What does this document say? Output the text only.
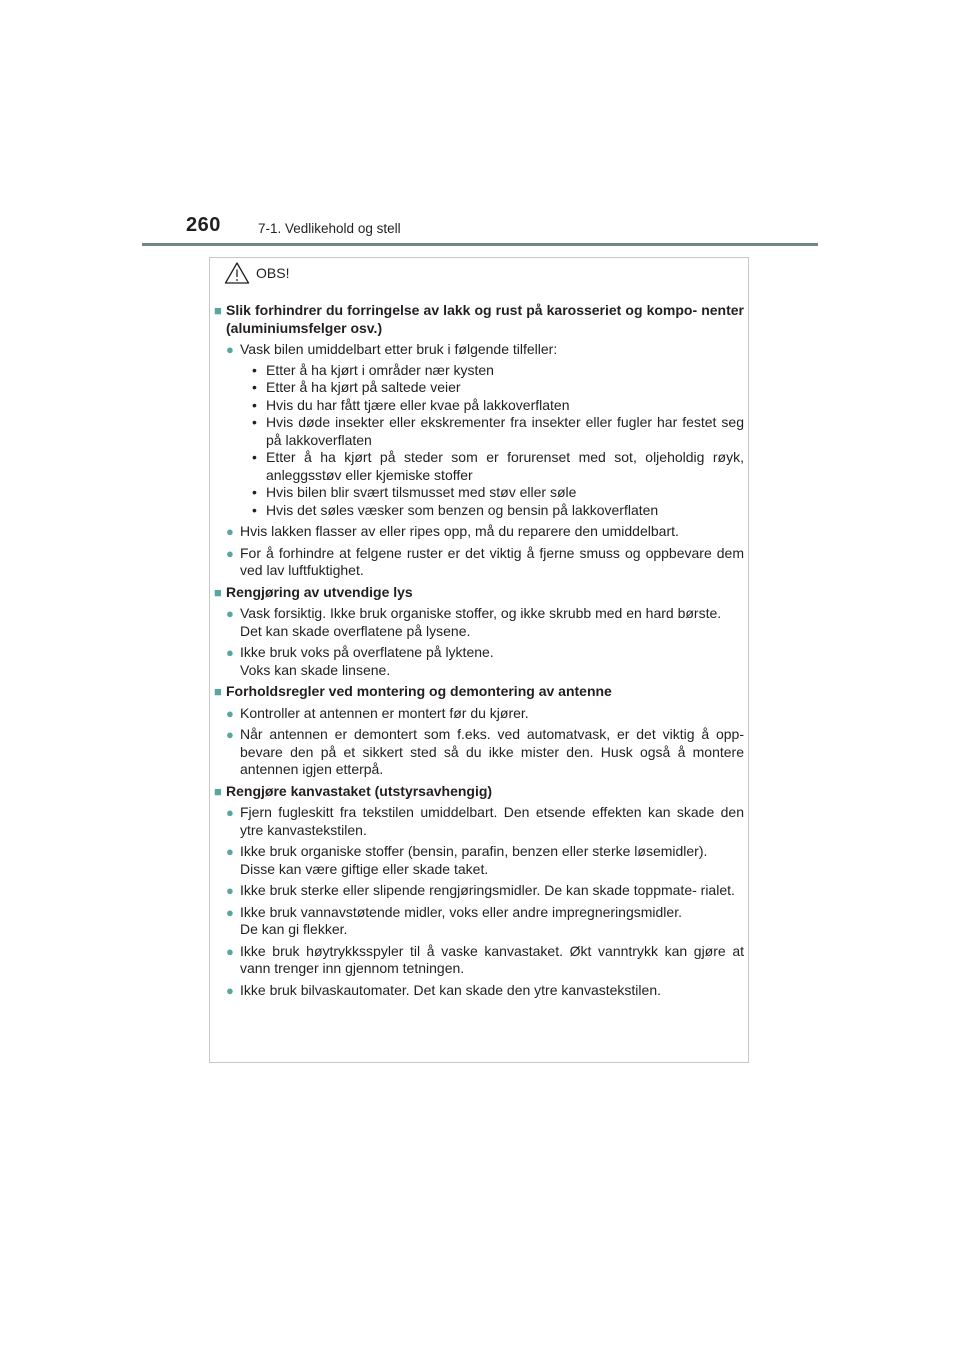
260	7-1. Vedlikehold og stell
OBS!
■ Slik forhindrer du forringelse av lakk og rust på karosseriet og kompo- nenter (aluminiumsfelger osv.)
● Vask bilen umiddelbart etter bruk i følgende tilfeller:
• Etter å ha kjørt i områder nær kysten
• Etter å ha kjørt på saltede veier
• Hvis du har fått tjære eller kvae på lakkoverflaten
• Hvis døde insekter eller ekskrementer fra insekter eller fugler har festet seg på lakkoverflaten
• Etter å ha kjørt på steder som er forurenset med sot, oljeholdig røyk, anleggsstøv eller kjemiske stoffer
• Hvis bilen blir svært tilsmusset med støv eller søle
• Hvis det søles væsker som benzen og bensin på lakkoverflaten
● Hvis lakken flasser av eller ripes opp, må du reparere den umiddelbart.
● For å forhindre at felgene ruster er det viktig å fjerne smuss og oppbevare dem ved lav luftfuktighet.
■ Rengjøring av utvendige lys
● Vask forsiktig. Ikke bruk organiske stoffer, og ikke skrubb med en hard børste.
Det kan skade overflatene på lysene.
● Ikke bruk voks på overflatene på lyktene.
Voks kan skade linsene.
■ Forholdsregler ved montering og demontering av antenne
● Kontroller at antennen er montert før du kjører.
● Når antennen er demontert som f.eks. ved automatvask, er det viktig å opp- bevare den på et sikkert sted så du ikke mister den. Husk også å montere antennen igjen etterpå.
■ Rengjøre kanvastaket (utstyrsavhengig)
● Fjern fugleskitt fra tekstilen umiddelbart. Den etsende effekten kan skade den ytre kanvastekstilen.
● Ikke bruk organiske stoffer (bensin, parafin, benzen eller sterke løsemidler).
Disse kan være giftige eller skade taket.
● Ikke bruk sterke eller slipende rengjøringsmidler. De kan skade toppmate- rialet.
● Ikke bruk vannavstøtende midler, voks eller andre impregneringsmidler.
De kan gi flekker.
● Ikke bruk høytrykksspyler til å vaske kanvastaket. Økt vanntrykk kan gjøre at vann trenger inn gjennom tetningen.
● Ikke bruk bilvaskautomater. Det kan skade den ytre kanvastekstilen.
